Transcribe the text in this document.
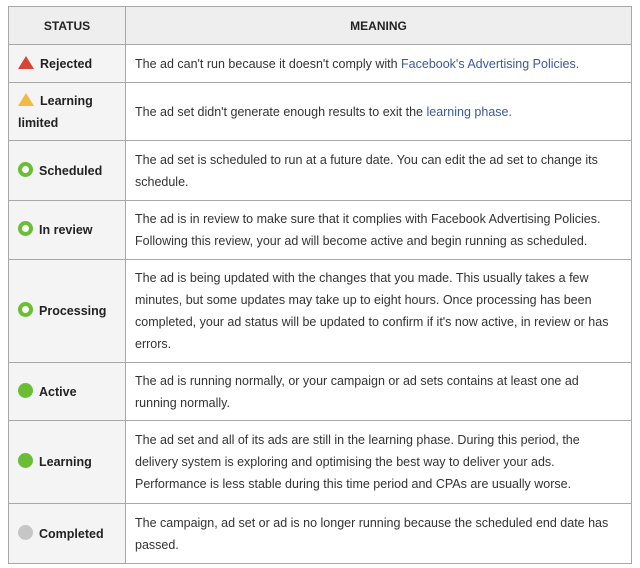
STATUS	MEANING
Rejected	The ad can't run because it doesn't comply with Facebook's Advertising Policies.
Learning limited	The ad set didn't generate enough results to exit the learning phase.
Scheduled	The ad set is scheduled to run at a future date. You can edit the ad set to change its schedule.
In review	The ad is in review to make sure that it complies with Facebook Advertising Policies. Following this review, your ad will become active and begin running as scheduled.
Processing	The ad is being updated with the changes that you made. This usually takes a few minutes, but some updates may take up to eight hours. Once processing has been completed, your ad status will be updated to confirm if it's now active, in review or has errors.
Active	The ad is running normally, or your campaign or ad sets contains at least one ad running normally.
Learning	The ad set and all of its ads are still in the learning phase. During this period, the delivery system is exploring and optimising the best way to deliver your ads. Performance is less stable during this time period and CPAs are usually worse.
Completed	The campaign, ad set or ad is no longer running because the scheduled end date has passed.
